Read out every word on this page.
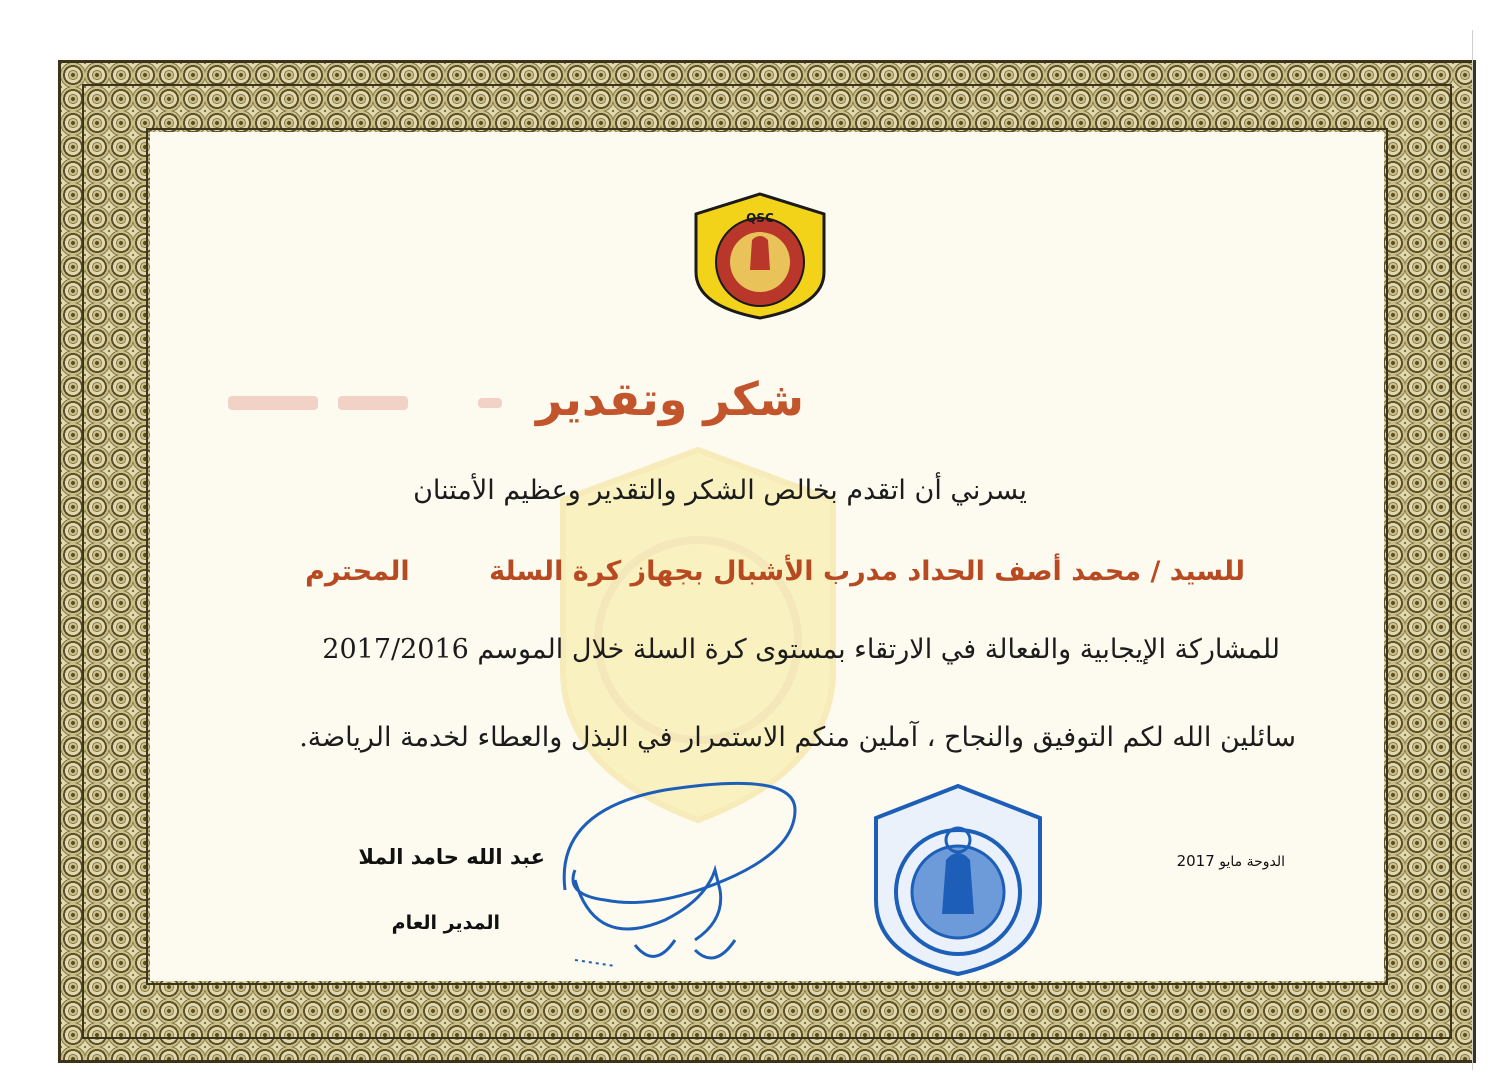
QSC
شكر وتقدير
يسرني أن اتقدم بخالص الشكر والتقدير وعظيم الأمتنان
للسيد / محمد أصف الحداد مدرب الأشبال بجهاز كرة السلة المحترم
للمشاركة الإيجابية والفعالة في الارتقاء بمستوى كرة السلة خلال الموسم 2017/2016
سائلين الله لكم التوفيق والنجاح ، آملين منكم الاستمرار في البذل والعطاء لخدمة الرياضة.
عبد الله حامد الملا
المدير العام
الدوحة مايو 2017
